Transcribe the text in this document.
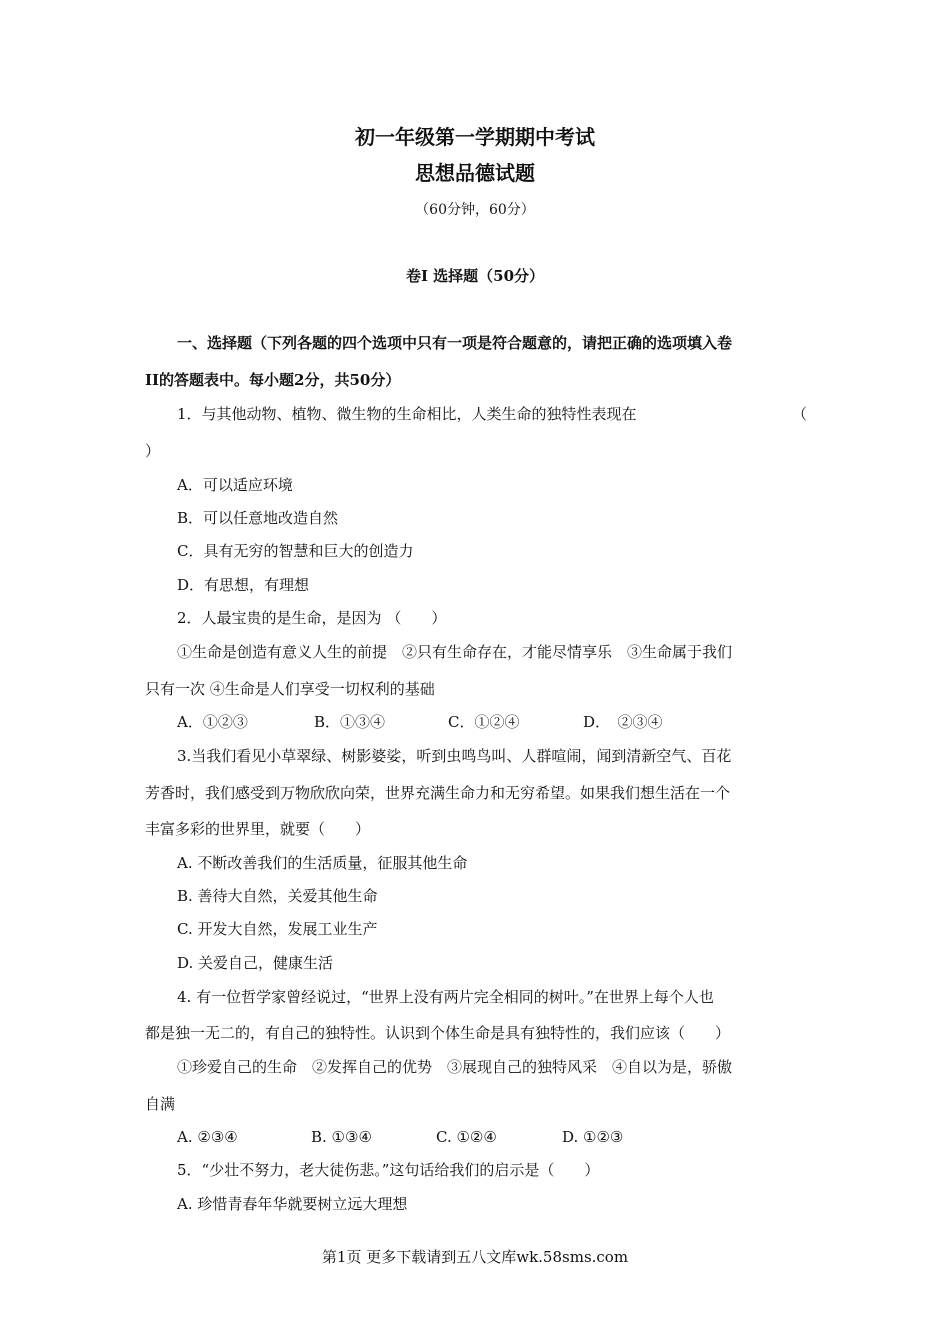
初一年级第一学期期中考试
思想品德试题
（60分钟，60分）
卷I 选择题（50分）
一、选择题（下列各题的四个选项中只有一项是符合题意的，请把正确的选项填入卷
II的答题表中。每小题2分，共50分）
1．与其他动物、植物、微生物的生命相比，人类生命的独特性表现在	（
）
A．可以适应环境
B．可以任意地改造自然
C．具有无穷的智慧和巨大的创造力
D．有思想，有理想
2．人最宝贵的是生命，是因为 （　　）
①生命是创造有意义人生的前提　②只有生命存在，才能尽情享乐　③生命属于我们
只有一次 ④生命是人们享受一切权利的基础
A．①②③	B．①③④	C．①②④	D．　②③④
3.当我们看见小草翠绿、树影婆娑，听到虫鸣鸟叫、人群喧闹，闻到清新空气、百花
芳香时，我们感受到万物欣欣向荣，世界充满生命力和无穷希望。如果我们想生活在一个
丰富多彩的世界里，就要（　　）
A. 不断改善我们的生活质量，征服其他生命
B. 善待大自然，关爱其他生命
C. 开发大自然，发展工业生产
D. 关爱自己，健康生活
4. 有一位哲学家曾经说过，“世界上没有两片完全相同的树叶。”在世界上每个人也
都是独一无二的，有自己的独特性。认识到个体生命是具有独特性的，我们应该（　　）
①珍爱自己的生命　②发挥自己的优势　③展现自己的独特风采　④自以为是，骄傲
自满
A. ②③④	B. ①③④	C. ①②④	D. ①②③
5．“少壮不努力，老大徒伤悲。”这句话给我们的启示是（　　）
A. 珍惜青春年华就要树立远大理想
第1页 更多下载请到五八文库wk.58sms.com
